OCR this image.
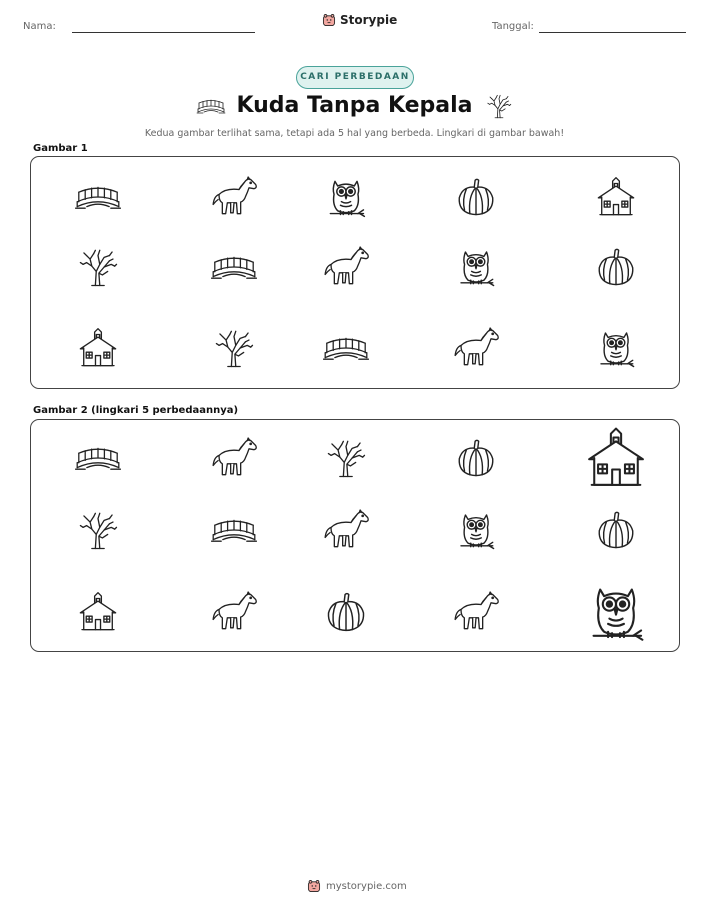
Nama:	Storypie	Tanggal:
CARI PERBEDAAN
Kuda Tanpa Kepala
Kedua gambar terlihat sama, tetapi ada 5 hal yang berbeda. Lingkari di gambar bawah!
Gambar 1
Gambar 2 (lingkari 5 perbedaannya)
mystorypie.com
